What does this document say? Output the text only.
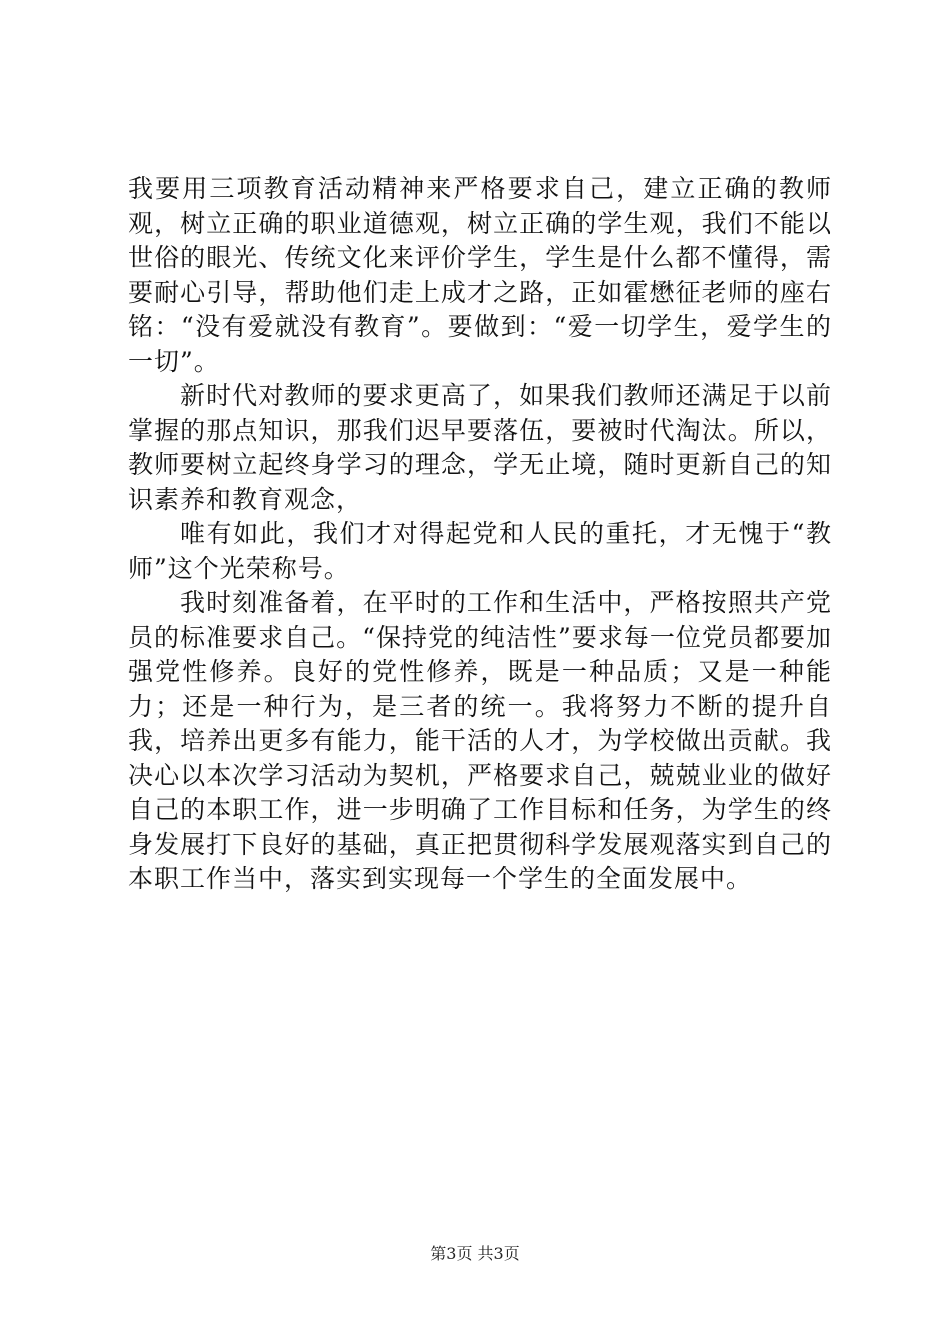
我要用三项教育活动精神来严格要求自己，建立正确的教师观，树立正确的职业道德观，树立正确的学生观，我们不能以世俗的眼光、传统文化来评价学生，学生是什么都不懂得，需要耐心引导，帮助他们走上成才之路，正如霍懋征老师的座右铭：“没有爱就没有教育”。要做到：“爱一切学生，爱学生的一切”。

新时代对教师的要求更高了，如果我们教师还满足于以前掌握的那点知识，那我们迟早要落伍，要被时代淘汰。所以，教师要树立起终身学习的理念，学无止境，随时更新自己的知识素养和教育观念，

唯有如此，我们才对得起党和人民的重托，才无愧于“教师”这个光荣称号。

我时刻准备着，在平时的工作和生活中，严格按照共产党员的标准要求自己。“保持党的纯洁性”要求每一位党员都要加强党性修养。良好的党性修养，既是一种品质；又是一种能力；还是一种行为，是三者的统一。我将努力不断的提升自我，培养出更多有能力，能干活的人才，为学校做出贡献。我决心以本次学习活动为契机，严格要求自己，兢兢业业的做好自己的本职工作，进一步明确了工作目标和任务，为学生的终身发展打下良好的基础，真正把贯彻科学发展观落实到自己的本职工作当中，落实到实现每一个学生的全面发展中。

第3页 共3页
